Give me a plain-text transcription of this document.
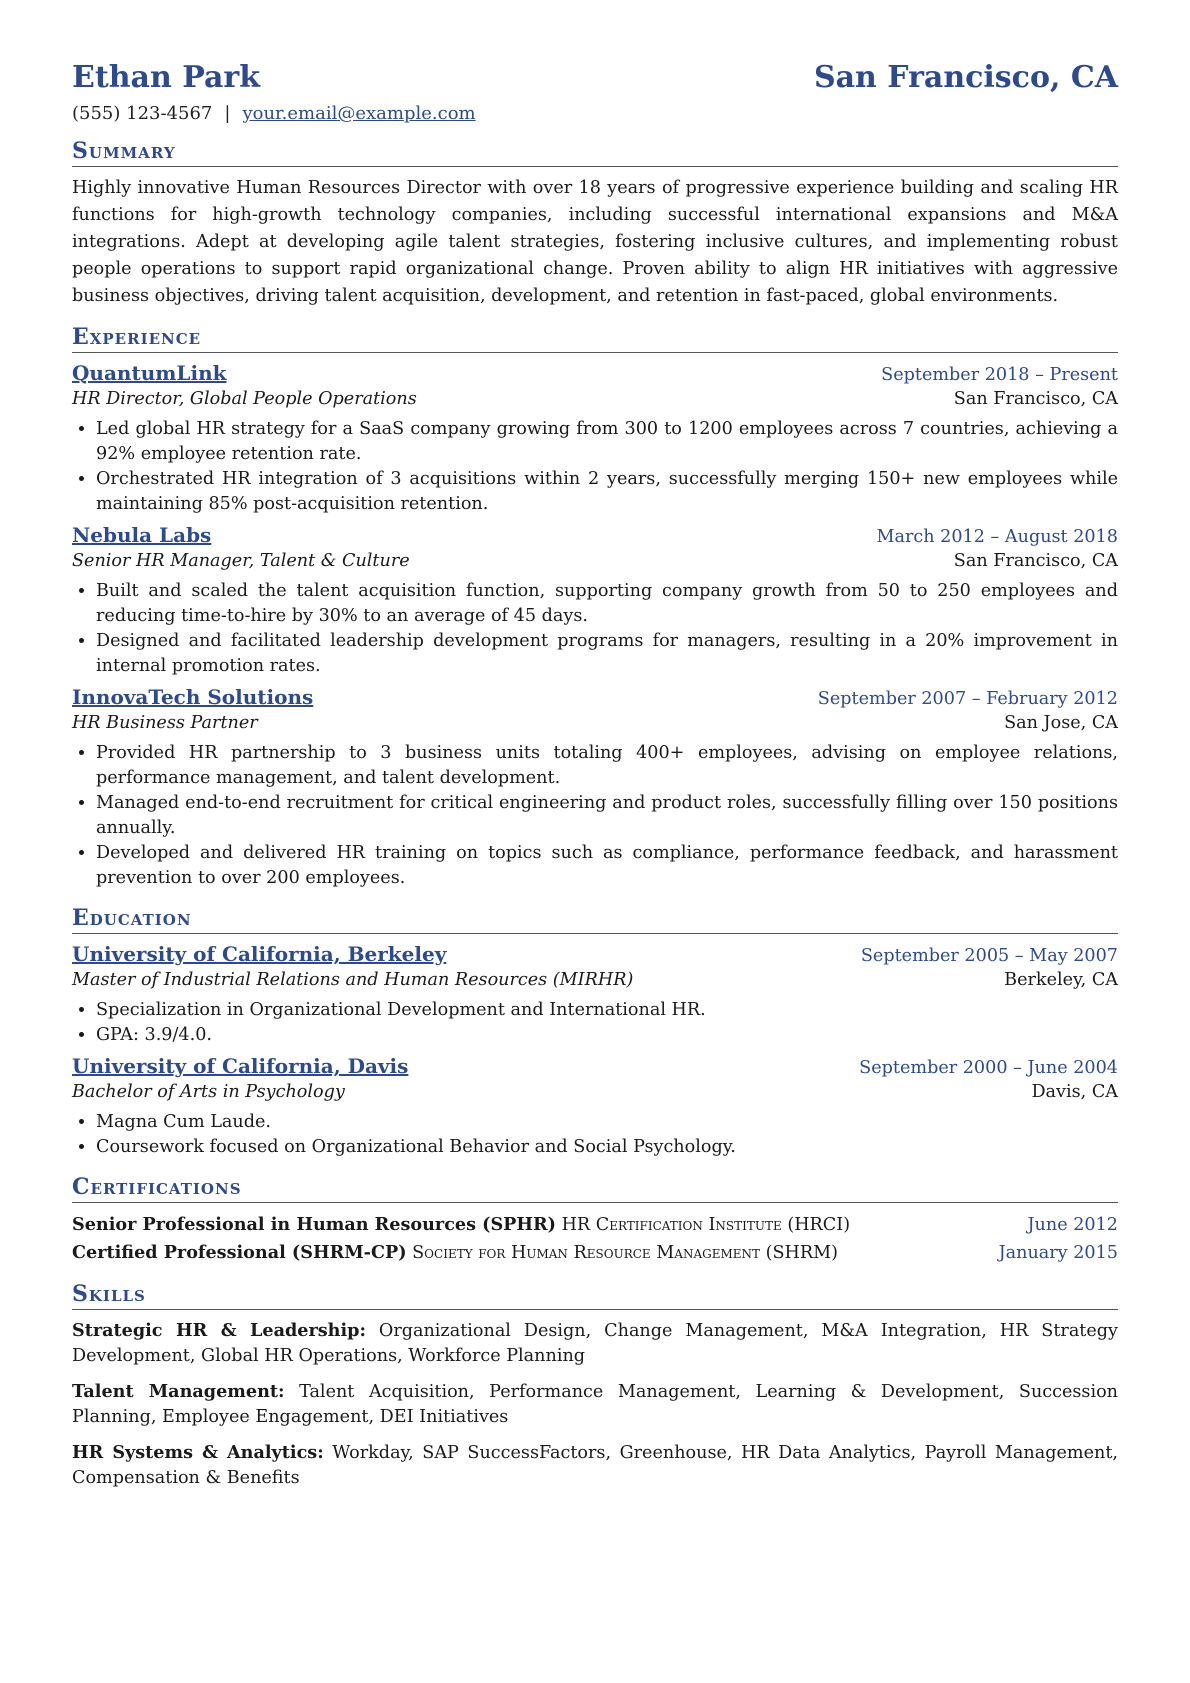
Ethan Park	San Francisco, CA
(555) 123-4567 | your.email@example.com
Summary
Highly innovative Human Resources Director with over 18 years of progressive experience building and scaling HR functions for high-growth technology companies, including successful international expansions and M&A integrations. Adept at developing agile talent strategies, fostering inclusive cultures, and implementing robust people operations to support rapid organizational change. Proven ability to align HR initiatives with aggressive business objectives, driving talent acquisition, development, and retention in fast-paced, global environments.
Experience
QuantumLink	September 2018 – Present
HR Director, Global People Operations	San Francisco, CA
• Led global HR strategy for a SaaS company growing from 300 to 1200 employees across 7 countries, achieving a 92% employee retention rate.
• Orchestrated HR integration of 3 acquisitions within 2 years, successfully merging 150+ new employees while maintaining 85% post-acquisition retention.
Nebula Labs	March 2012 – August 2018
Senior HR Manager, Talent & Culture	San Francisco, CA
• Built and scaled the talent acquisition function, supporting company growth from 50 to 250 employees and reducing time-to-hire by 30% to an average of 45 days.
• Designed and facilitated leadership development programs for managers, resulting in a 20% improvement in internal promotion rates.
InnovaTech Solutions	September 2007 – February 2012
HR Business Partner	San Jose, CA
• Provided HR partnership to 3 business units totaling 400+ employees, advising on employee relations, performance management, and talent development.
• Managed end-to-end recruitment for critical engineering and product roles, successfully filling over 150 positions annually.
• Developed and delivered HR training on topics such as compliance, performance feedback, and harassment prevention to over 200 employees.
Education
University of California, Berkeley	September 2005 – May 2007
Master of Industrial Relations and Human Resources (MIRHR)	Berkeley, CA
• Specialization in Organizational Development and International HR.
• GPA: 3.9/4.0.
University of California, Davis	September 2000 – June 2004
Bachelor of Arts in Psychology	Davis, CA
• Magna Cum Laude.
• Coursework focused on Organizational Behavior and Social Psychology.
Certifications
Senior Professional in Human Resources (SPHR) HR Certification Institute (HRCI)	June 2012
Certified Professional (SHRM-CP) Society for Human Resource Management (SHRM)	January 2015
Skills
Strategic HR & Leadership: Organizational Design, Change Management, M&A Integration, HR Strategy Development, Global HR Operations, Workforce Planning
Talent Management: Talent Acquisition, Performance Management, Learning & Development, Succession Planning, Employee Engagement, DEI Initiatives
HR Systems & Analytics: Workday, SAP SuccessFactors, Greenhouse, HR Data Analytics, Payroll Management, Compensation & Benefits
